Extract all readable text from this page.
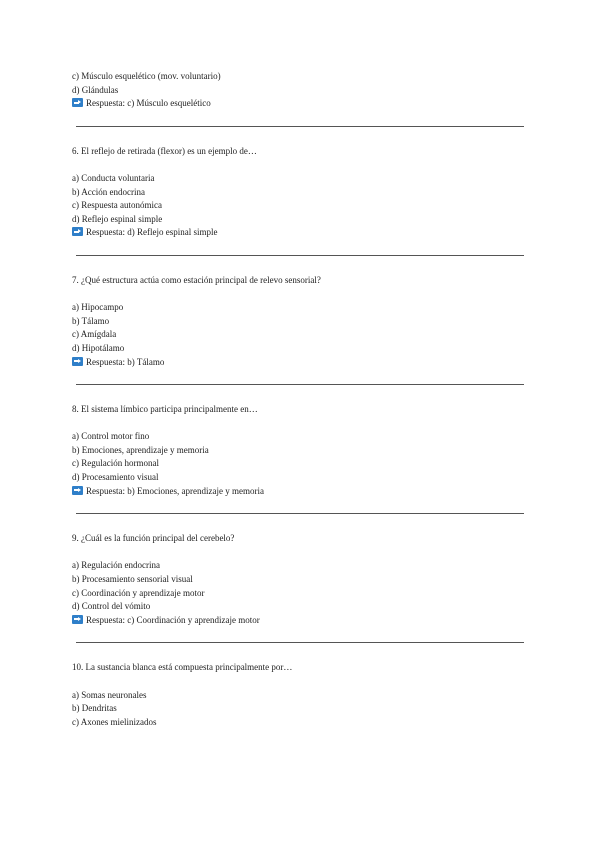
c) Músculo esquelético (mov. voluntario)
d) Glándulas
Respuesta: c) Músculo esquelético
6. El reflejo de retirada (flexor) es un ejemplo de…
a) Conducta voluntaria
b) Acción endocrina
c) Respuesta autonómica
d) Reflejo espinal simple
Respuesta: d) Reflejo espinal simple
7. ¿Qué estructura actúa como estación principal de relevo sensorial?
a) Hipocampo
b) Tálamo
c) Amígdala
d) Hipotálamo
Respuesta: b) Tálamo
8. El sistema límbico participa principalmente en…
a) Control motor fino
b) Emociones, aprendizaje y memoria
c) Regulación hormonal
d) Procesamiento visual
Respuesta: b) Emociones, aprendizaje y memoria
9. ¿Cuál es la función principal del cerebelo?
a) Regulación endocrina
b) Procesamiento sensorial visual
c) Coordinación y aprendizaje motor
d) Control del vómito
Respuesta: c) Coordinación y aprendizaje motor
10. La sustancia blanca está compuesta principalmente por…
a) Somas neuronales
b) Dendritas
c) Axones mielinizados
